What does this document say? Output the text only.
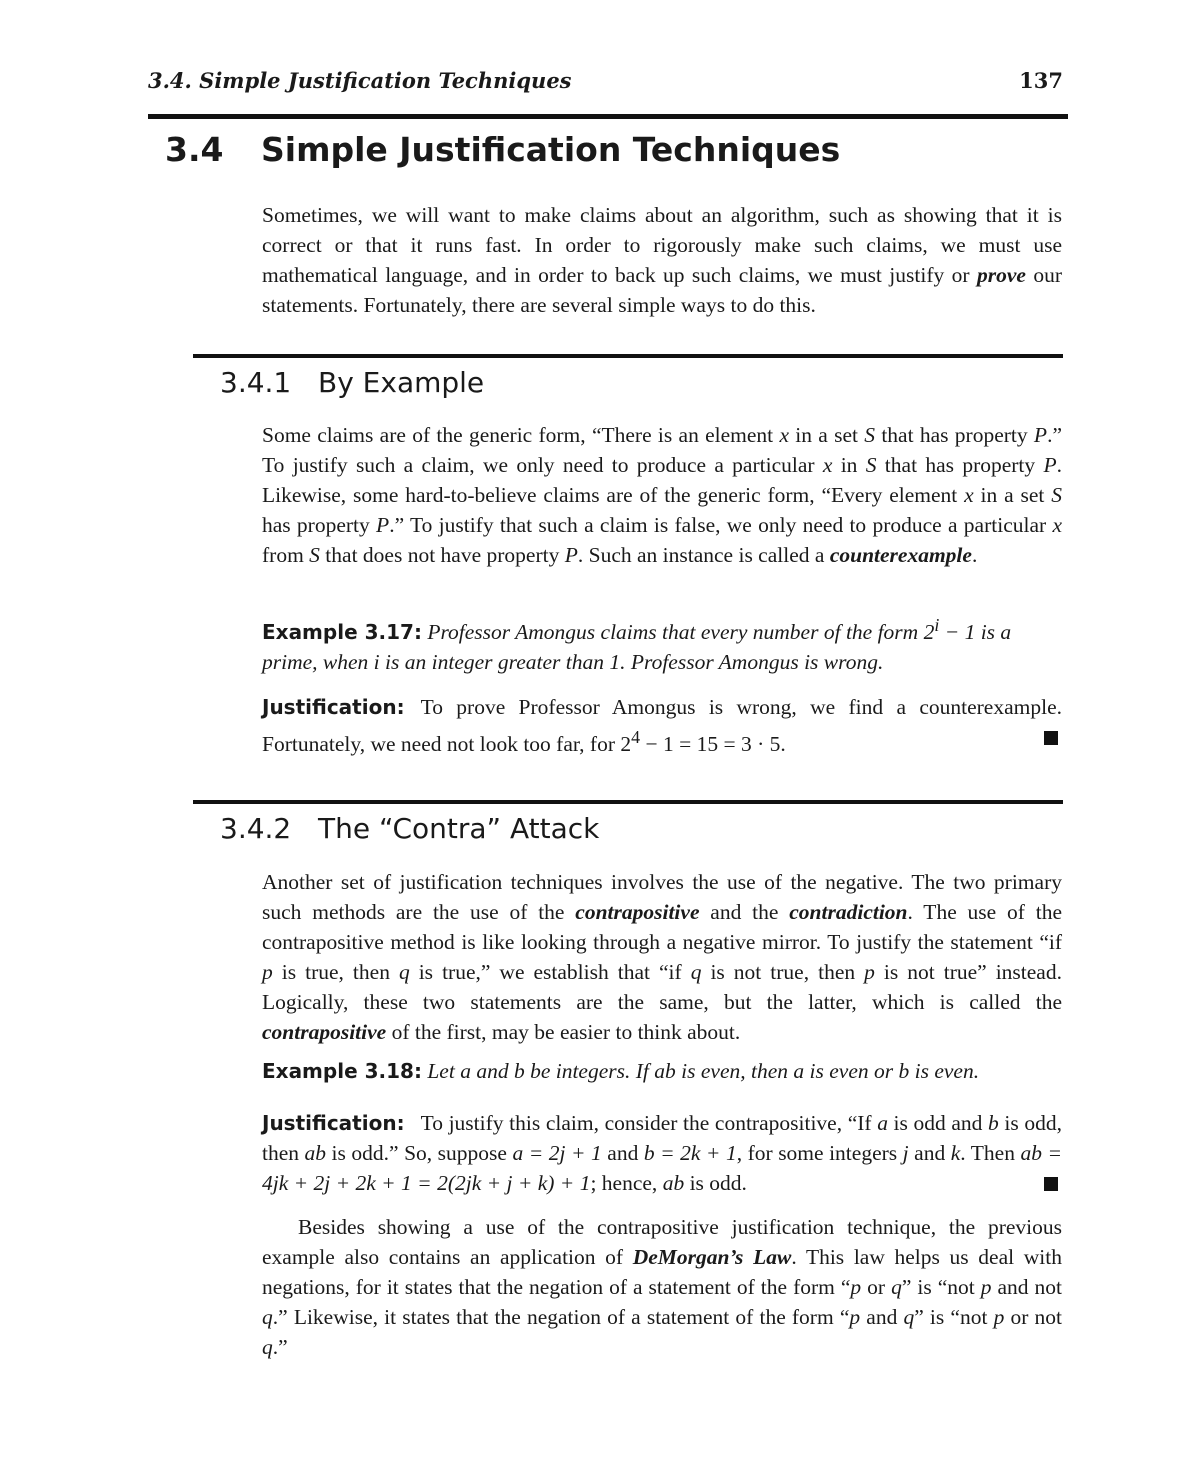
3.4. Simple Justification Techniques	137
3.4 Simple Justification Techniques

Sometimes, we will want to make claims about an algorithm, such as showing that it is correct or that it runs fast. In order to rigorously make such claims, we must use mathematical language, and in order to back up such claims, we must justify or prove our statements. Fortunately, there are several simple ways to do this.

3.4.1 By Example

Some claims are of the generic form, “There is an element x in a set S that has property P.” To justify such a claim, we only need to produce a particular x in S that has property P. Likewise, some hard-to-believe claims are of the generic form, “Every element x in a set S has property P.” To justify that such a claim is false, we only need to produce a particular x from S that does not have property P. Such an instance is called a counterexample.

Example 3.17: Professor Amongus claims that every number of the form $2^i - 1$ is a prime, when i is an integer greater than 1. Professor Amongus is wrong.
Justification: To prove Professor Amongus is wrong, we find a counterexample. Fortunately, we need not look too far, for $2^4 - 1 = 15 = 3 \cdot 5$.
3.4.2 The “Contra” Attack

Another set of justification techniques involves the use of the negative. The two primary such methods are the use of the contrapositive and the contradiction. The use of the contrapositive method is like looking through a negative mirror. To justify the statement “if p is true, then q is true,” we establish that “if q is not true, then p is not true” instead. Logically, these two statements are the same, but the latter, which is called the contrapositive of the first, may be easier to think about.

Example 3.18: Let a and b be integers. If ab is even, then a is even or b is even.
Justification: To justify this claim, consider the contrapositive, “If a is odd and b is odd, then ab is odd.” So, suppose a = 2j + 1 and b = 2k + 1, for some integers j and k. Then ab = 4jk + 2j + 2k + 1 = 2(2jk + j + k) + 1; hence, ab is odd.

Besides showing a use of the contrapositive justification technique, the previous example also contains an application of DeMorgan’s Law. This law helps us deal with negations, for it states that the negation of a statement of the form “p or q” is “not p and not q.” Likewise, it states that the negation of a statement of the form “p and q” is “not p or not q.”
